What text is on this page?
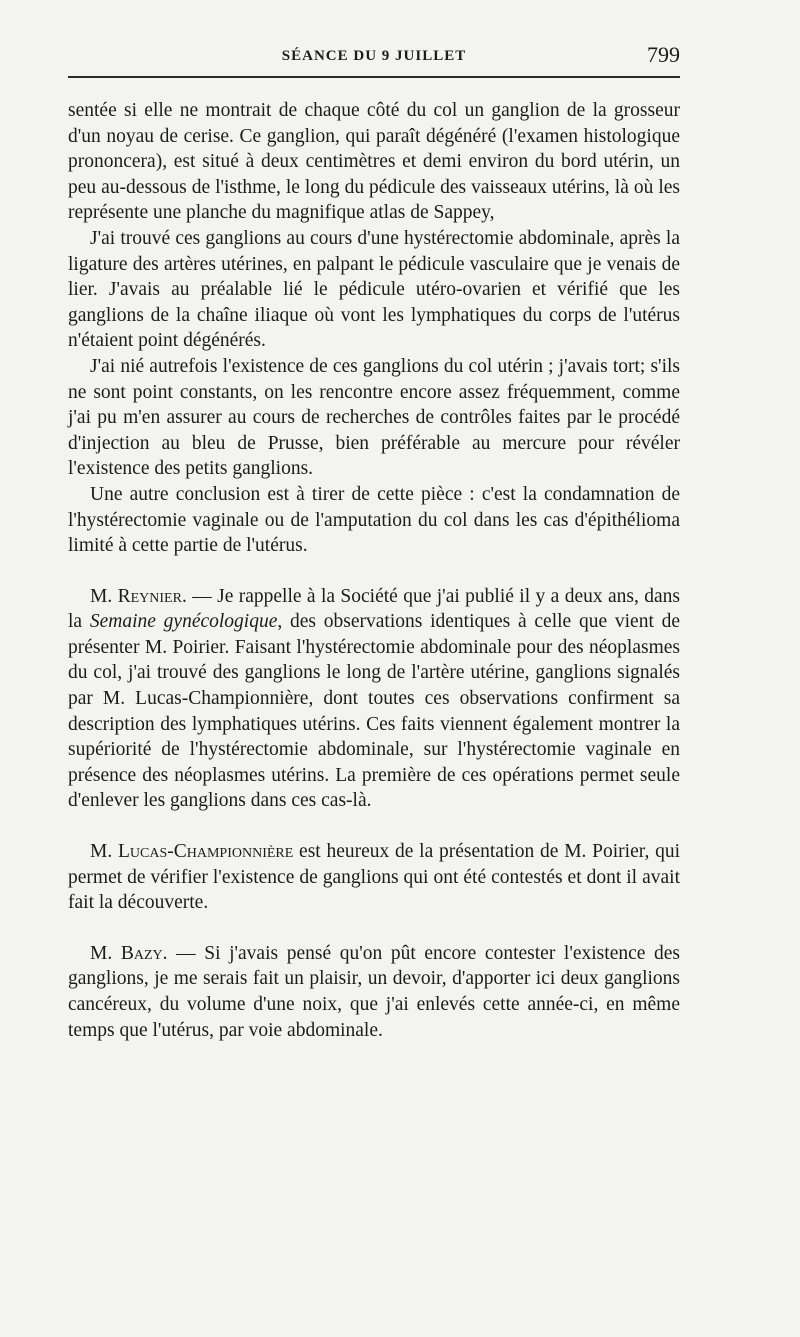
SÉANCE DU 9 JUILLET	799

sentée si elle ne montrait de chaque côté du col un ganglion de la grosseur d'un noyau de cerise. Ce ganglion, qui paraît dégénéré (l'examen histologique prononcera), est situé à deux centimètres et demi environ du bord utérin, un peu au-dessous de l'isthme, le long du pédicule des vaisseaux utérins, là où les représente une planche du magnifique atlas de Sappey,

J'ai trouvé ces ganglions au cours d'une hystérectomie abdominale, après la ligature des artères utérines, en palpant le pédicule vasculaire que je venais de lier. J'avais au préalable lié le pédicule utéro-ovarien et vérifié que les ganglions de la chaîne iliaque où vont les lymphatiques du corps de l'utérus n'étaient point dégénérés.

J'ai nié autrefois l'existence de ces ganglions du col utérin ; j'avais tort; s'ils ne sont point constants, on les rencontre encore assez fréquemment, comme j'ai pu m'en assurer au cours de recherches de contrôles faites par le procédé d'injection au bleu de Prusse, bien préférable au mercure pour révéler l'existence des petits ganglions.

Une autre conclusion est à tirer de cette pièce : c'est la condamnation de l'hystérectomie vaginale ou de l'amputation du col dans les cas d'épithélioma limité à cette partie de l'utérus.

M. Reynier. — Je rappelle à la Société que j'ai publié il y a deux ans, dans la Semaine gynécologique, des observations identiques à celle que vient de présenter M. Poirier. Faisant l'hystérectomie abdominale pour des néoplasmes du col, j'ai trouvé des ganglions le long de l'artère utérine, ganglions signalés par M. Lucas-Championnière, dont toutes ces observations confirment sa description des lymphatiques utérins. Ces faits viennent également montrer la supériorité de l'hystérectomie abdominale, sur l'hystérectomie vaginale en présence des néoplasmes utérins. La première de ces opérations permet seule d'enlever les ganglions dans ces cas-là.

M. Lucas-Championnière est heureux de la présentation de M. Poirier, qui permet de vérifier l'existence de ganglions qui ont été contestés et dont il avait fait la découverte.

M. Bazy. — Si j'avais pensé qu'on pût encore contester l'existence des ganglions, je me serais fait un plaisir, un devoir, d'apporter ici deux ganglions cancéreux, du volume d'une noix, que j'ai enlevés cette année-ci, en même temps que l'utérus, par voie abdominale.
